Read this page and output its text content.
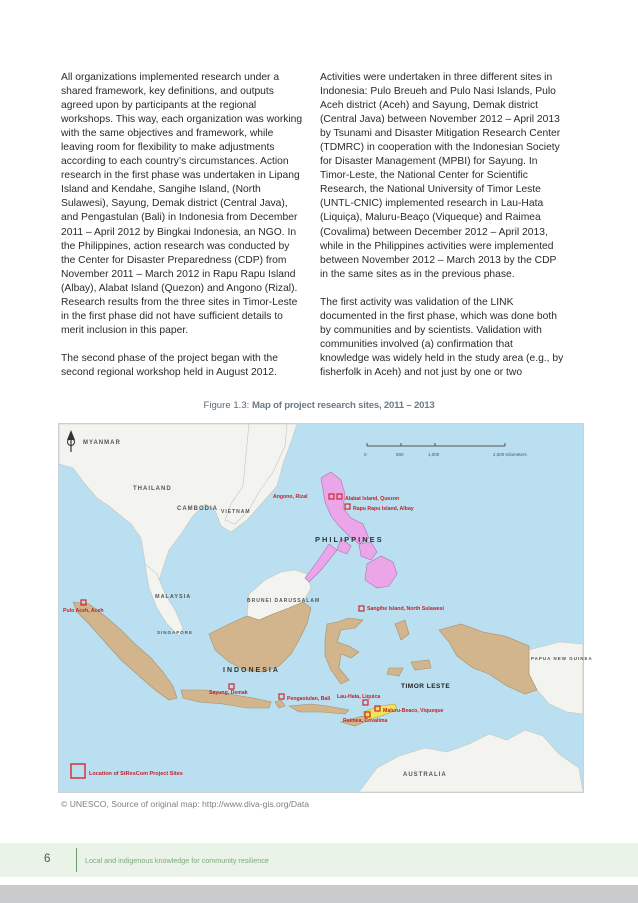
All organizations implemented research under a shared framework, key definitions, and outputs agreed upon by participants at the regional workshops. This way, each organization was working with the same objectives and framework, while leaving room for flexibility to make adjustments according to each country’s circumstances. Action research in the first phase was undertaken in Lipang Island and Kendahe, Sangihe Island, (North Sulawesi), Sayung, Demak district (Central Java), and Pengastulan (Bali) in Indonesia from December 2011 – April 2012 by Bingkai Indonesia, an NGO. In the Philippines, action research was conducted by the Center for Disaster Preparedness (CDP) from November 2011 – March 2012 in Rapu Rapu Island (Albay), Alabat Island (Quezon) and Angono (Rizal). Research results from the three sites in Timor-Leste in the first phase did not have sufficient details to merit inclusion in this paper.

The second phase of the project began with the second regional workshop held in August 2012.

Activities were undertaken in three different sites in Indonesia: Pulo Breueh and Pulo Nasi Islands, Pulo Aceh district (Aceh) and Sayung, Demak district (Central Java) between November 2012 – April 2013 by Tsunami and Disaster Mitigation Research Center (TDMRC) in cooperation with the Indonesian Society for Disaster Management (MPBI) for Sayung. In Timor-Leste, the National Center for Scientific Research, the National University of Timor Leste (UNTL-CNIC) implemented research in Lau-Hata (Liquiça), Maluru-Beaço (Viqueque) and Raimea (Covalima) between December 2012 – April 2013, while in the Philippines activities were implemented between November 2012 – March 2013 by the CDP in the same sites as in the previous phase.

The first activity was validation of the LINK documented in the first phase, which was done both by communities and by scientists. Validation with communities involved (a) confirmation that knowledge was widely held in the study area (e.g., by fisherfolk in Aceh) and not just by one or two

Figure 1.3: Map of project research sites, 2011 – 2013
0	500	1,000	2,000 Kilometers
MYANMAR
THAILAND
CAMBODIA VIETNAM
PHILIPPINES
BRUNEI DARUSSALAM
MALAYSIA
SINGAPORE
INDONESIA
TIMOR LESTE
PAPUA NEW GUINEA
AUSTRALIA
Angono, Rizal	Alabat Island, Quezon
Rapu Rapu Island, Albay
Pulo Aceh, Aceh	Sangihe Island, North Sulawesi
Sayung, Demak
Pengastulan, Bali Lau-Hata, Liquica
Maluru-Beaco, Viqueque
Raimea, Covalima
Location of StResCom Project Sites
© UNESCO, Source of original map: http://www.diva-gis.org/Data
6	Local and indigenous knowledge for community resilience
